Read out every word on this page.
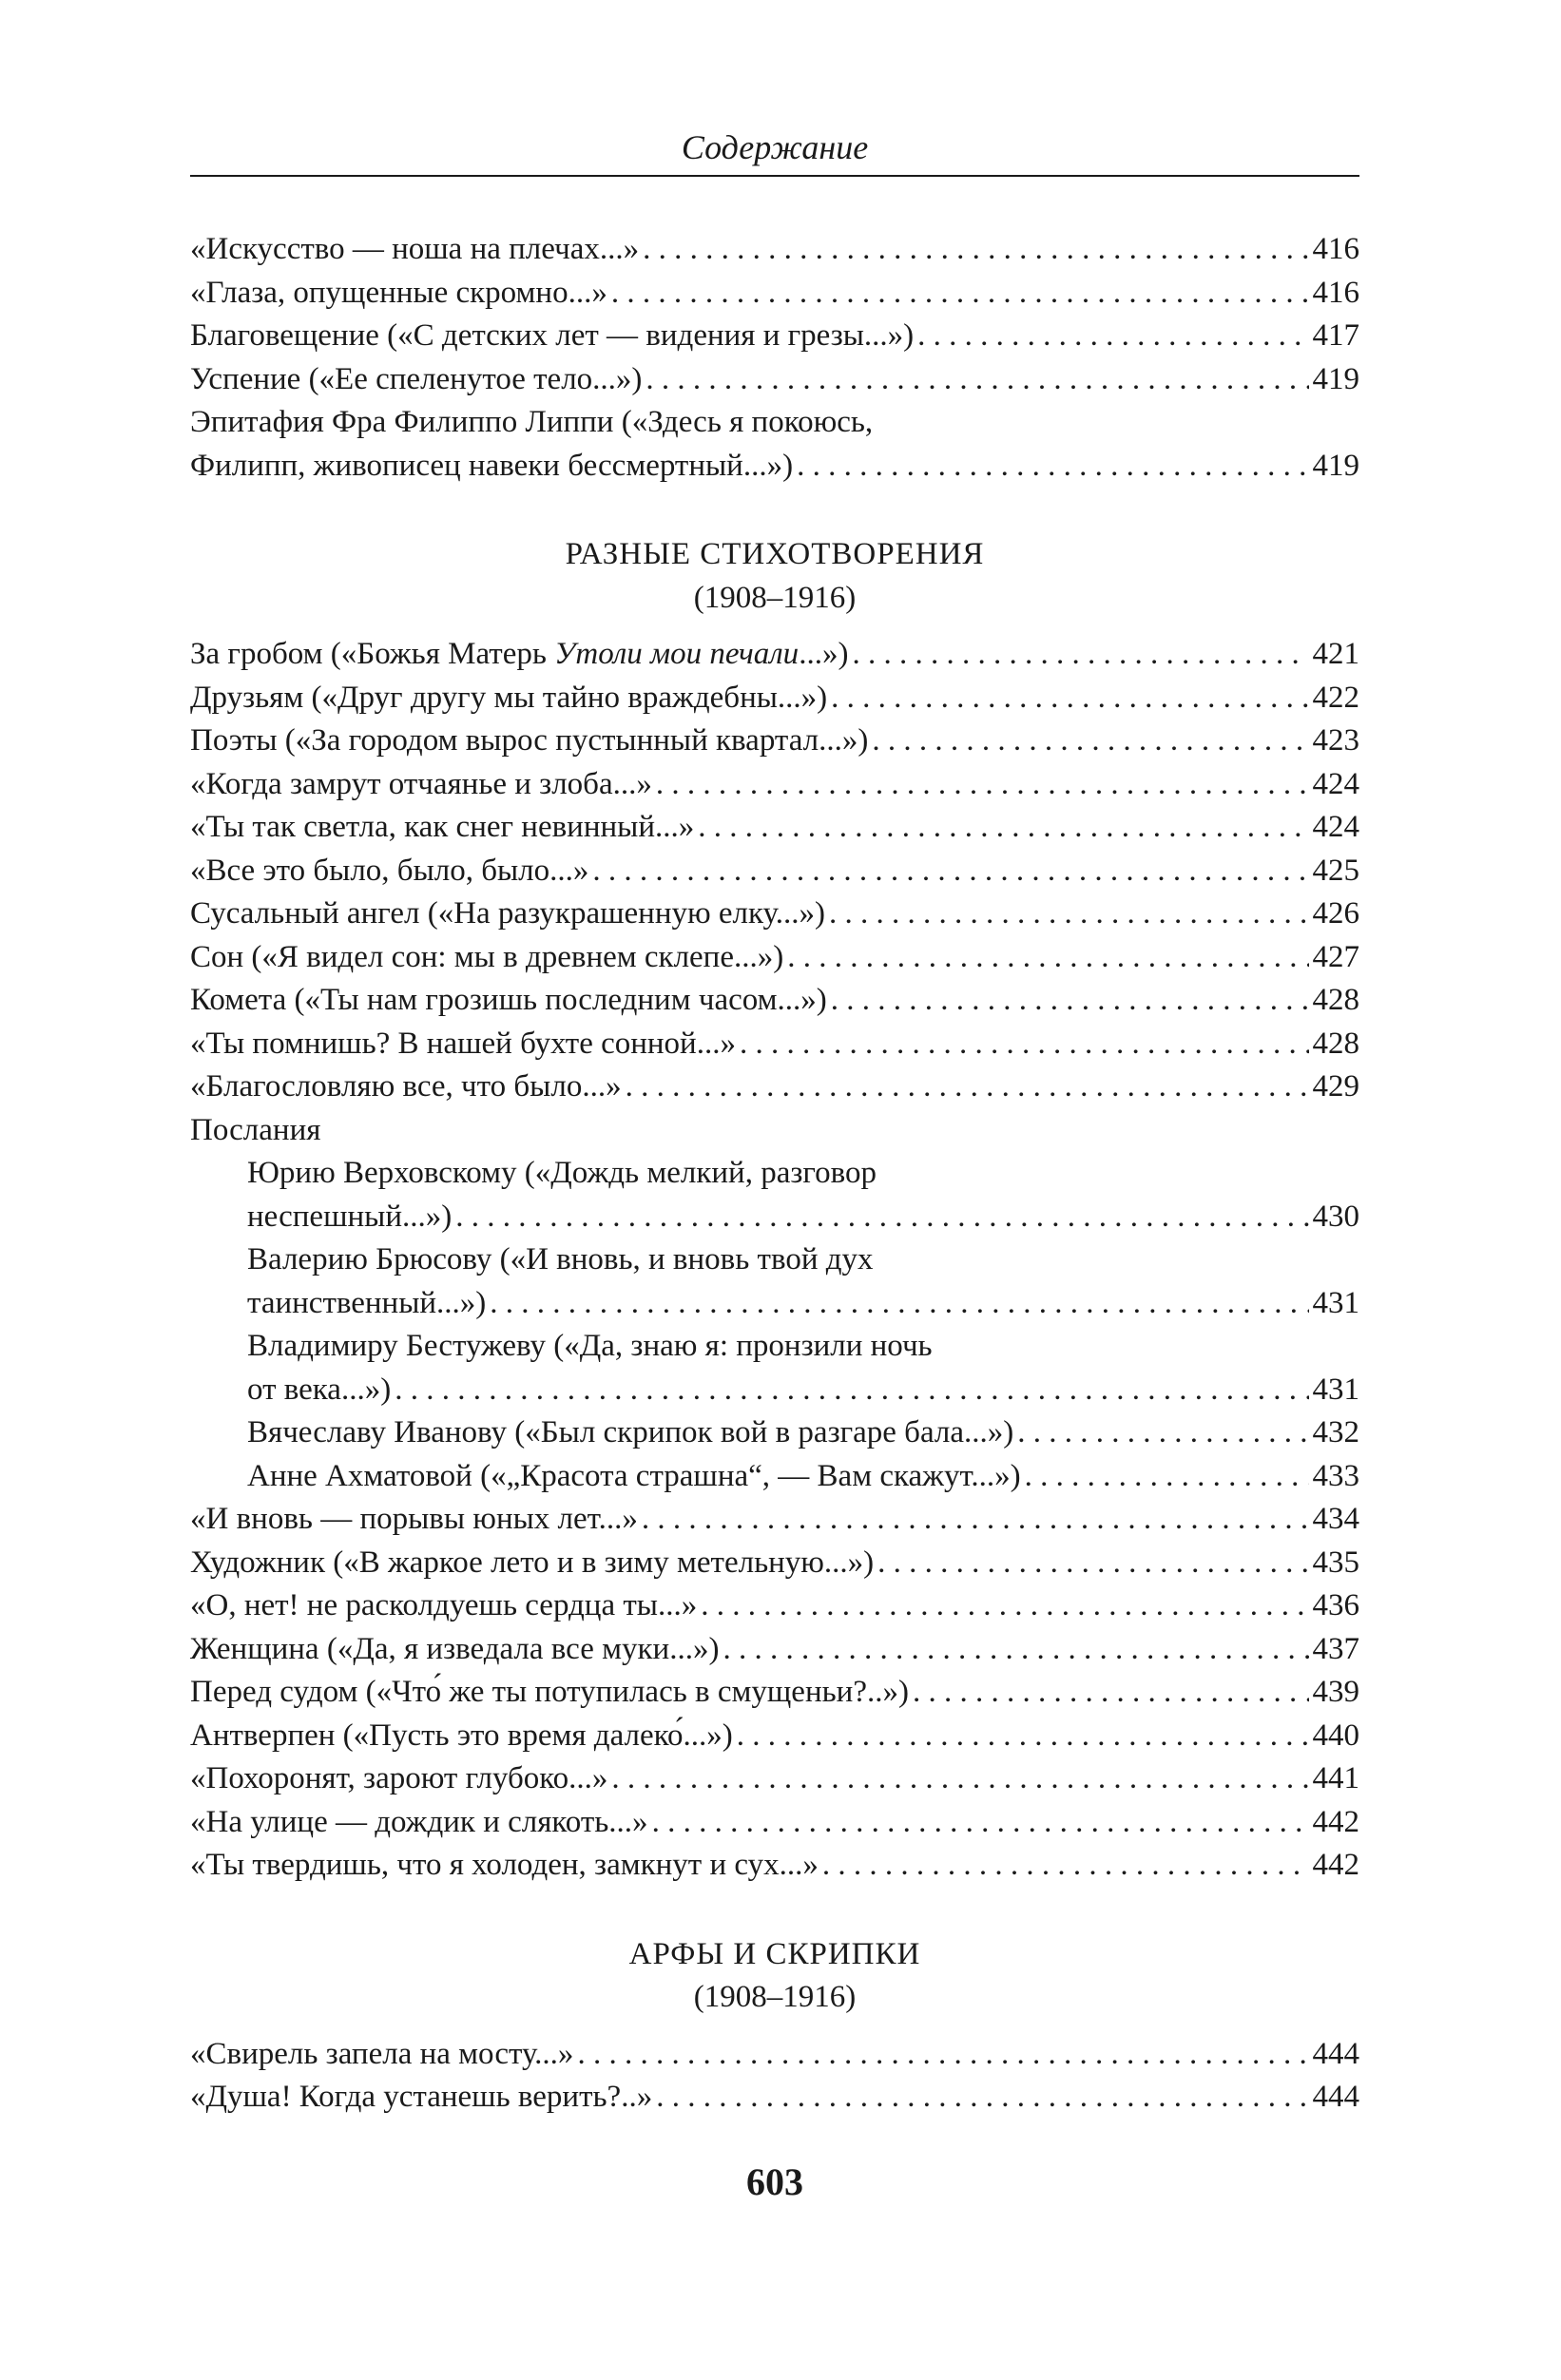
Содержание
«Искусство — ноша на плечах...» . . .	416
«Глаза, опущенные скромно...» . . .	416
Благовещение («С детских лет — видения и грезы...») . . .	417
Успение («Ее спеленутое тело...») . . .	419
Эпитафия Фра Филиппо Липпи («Здесь я покоюсь,
Филипп, живописец навеки бессмертный...») . . .	419
РАЗНЫЕ СТИХОТВОРЕНИЯ
(1908–1916)
За гробом («Божья Матерь Утоли мои печали...») . . .	421
Друзьям («Друг другу мы тайно враждебны...») . . .	422
Поэты («За городом вырос пустынный квартал...») . . .	423
«Когда замрут отчаянье и злоба...» . . .	424
«Ты так светла, как снег невинный...» . . .	424
«Все это было, было, было...» . . .	425
Сусальный ангел («На разукрашенную елку...») . . .	426
Сон («Я видел сон: мы в древнем склепе...») . . .	427
Комета («Ты нам грозишь последним часом...») . . .	428
«Ты помнишь? В нашей бухте сонной...» . . .	428
«Благословляю все, что было...» . . .	429
Послания
Юрию Верховскому («Дождь мелкий, разговор
неспешный...») . . .	430
Валерию Брюсову («И вновь, и вновь твой дух
таинственный...») . . .	431
Владимиру Бестужеву («Да, знаю я: пронзили ночь
от века...») . . .	431
Вячеславу Иванову («Был скрипок вой в разгаре бала...») . . .	432
Анне Ахматовой («„Красота страшна“, — Вам скажут...») . . .	433
«И вновь — порывы юных лет...» . . .	434
Художник («В жаркое лето и в зиму метельную...») . . .	435
«О, нет! не расколдуешь сердца ты...» . . .	436
Женщина («Да, я изведала все муки...») . . .	437
Перед судом («Что́ же ты потупилась в смущеньи?..») . . .	439
Антверпен («Пусть это время далеко́...») . . .	440
«Похоронят, зароют глубоко...» . . .	441
«На улице — дождик и слякоть...» . . .	442
«Ты твердишь, что я холоден, замкнут и сух...» . . .	442
АРФЫ И СКРИПКИ
(1908–1916)
«Свирель запела на мосту...» . . .	444
«Душа! Когда устанешь верить?..» . . .	444
603
